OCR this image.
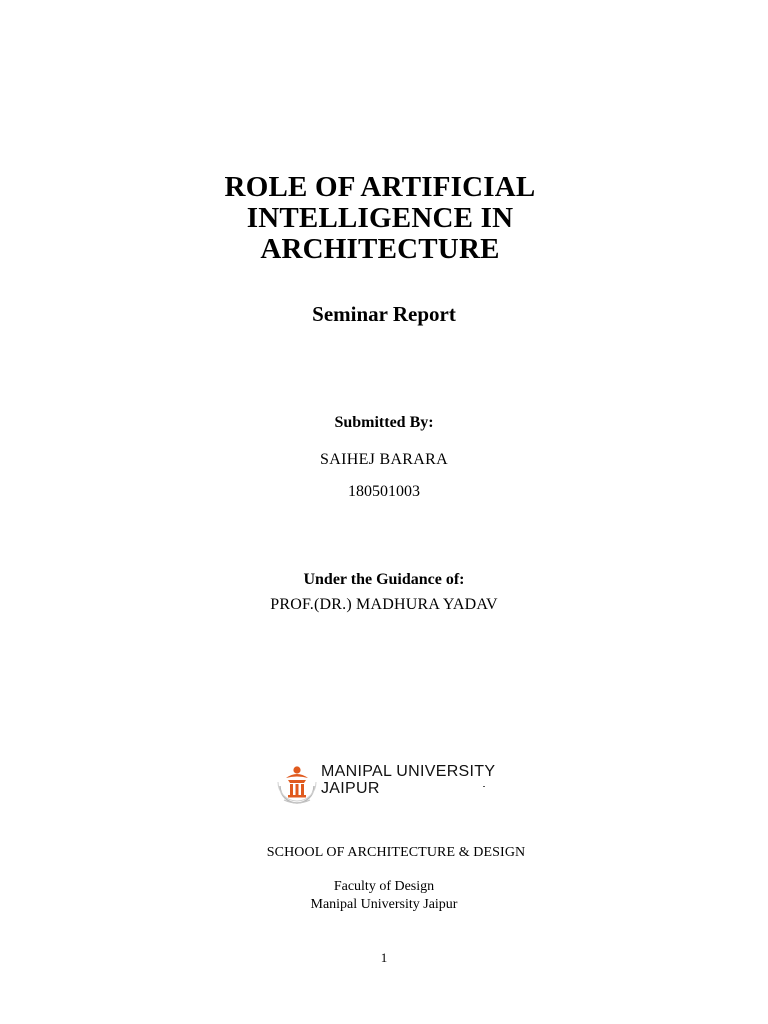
ROLE OF ARTIFICIAL
INTELLIGENCE IN
ARCHITECTURE
Seminar Report
Submitted By:
SAIHEJ BARARA
180501003
Under the Guidance of:
PROF.(DR.) MADHURA YADAV
MANIPAL UNIVERSITY
JAIPUR
SCHOOL OF ARCHITECTURE & DESIGN
Faculty of Design
Manipal University Jaipur
1
